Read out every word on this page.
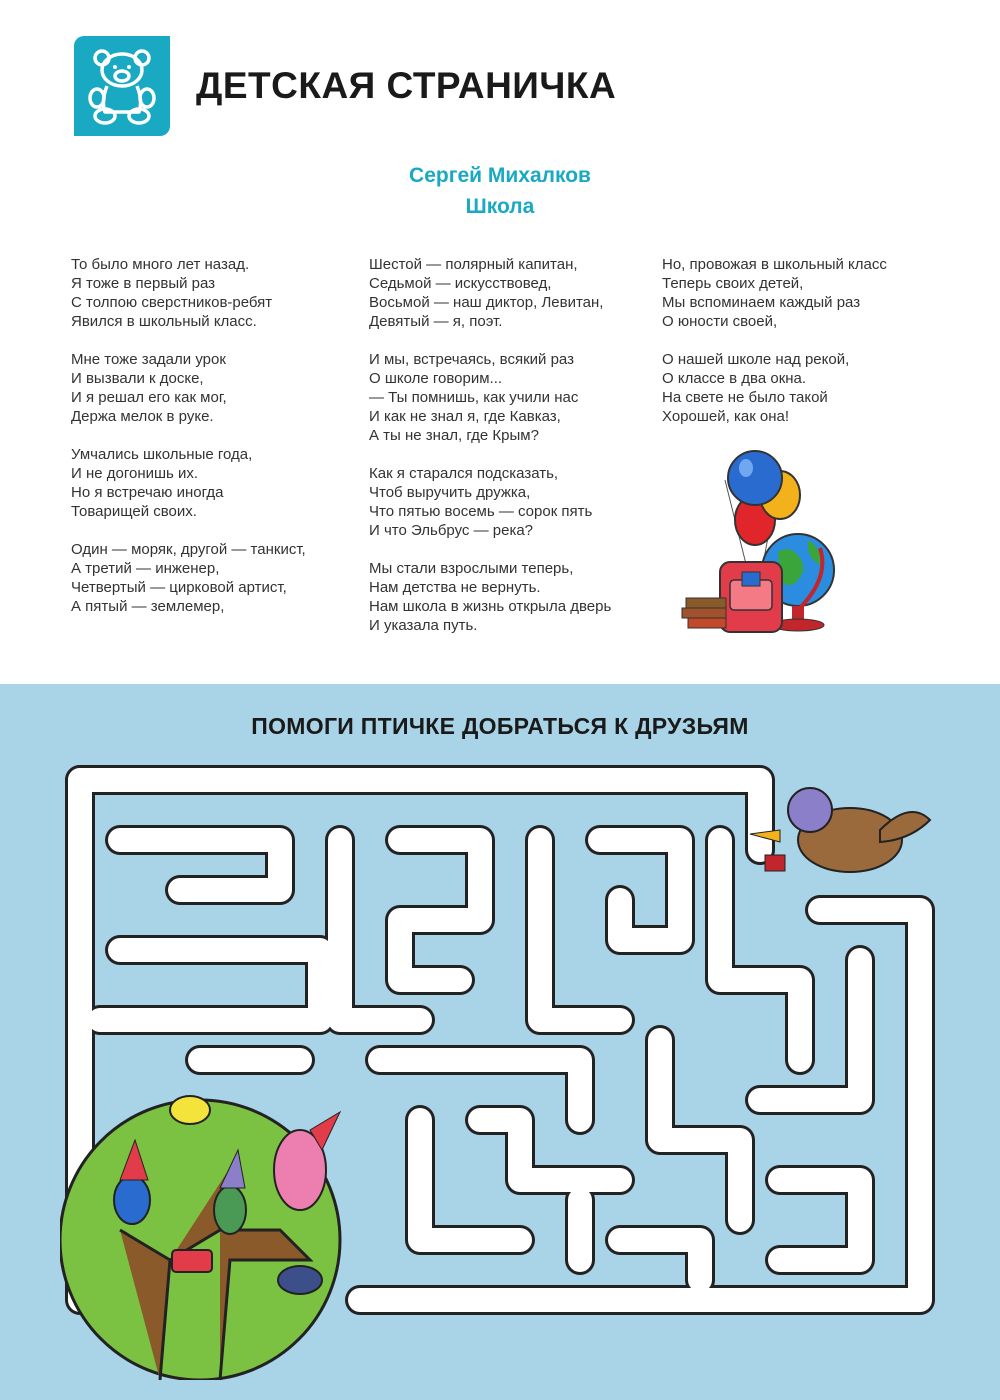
ДЕТСКАЯ СТРАНИЧКА
Сергей Михалков
Школа
То было много лет назад.
Я тоже в первый раз
С толпою сверстников-ребят
Явился в школьный класс.
Мне тоже задали урок
И вызвали к доске,
И я решал его как мог,
Держа мелок в руке.
Умчались школьные года,
И не догонишь их.
Но я встречаю иногда
Товарищей своих.
Один — моряк, другой — танкист,
А третий — инженер,
Четвертый — цирковой артист,
А пятый — землемер,
Шестой — полярный капитан,
Седьмой — искусствовед,
Восьмой — наш диктор, Левитан,
Девятый — я, поэт.
И мы, встречаясь, всякий раз
О школе говорим...
— Ты помнишь, как учили нас
И как не знал я, где Кавказ,
А ты не знал, где Крым?
Как я старался подсказать,
Чтоб выручить дружка,
Что пятью восемь — сорок пять
И что Эльбрус — река?
Мы стали взрослыми теперь,
Нам детства не вернуть.
Нам школа в жизнь открыла дверь
И указала путь.
Но, провожая в школьный класс
Теперь своих детей,
Мы вспоминаем каждый раз
О юности своей,
О нашей школе над рекой,
О классе в два окна.
На свете не было такой
Хорошей, как она!
ПОМОГИ ПТИЧКЕ ДОБРАТЬСЯ К ДРУЗЬЯМ
